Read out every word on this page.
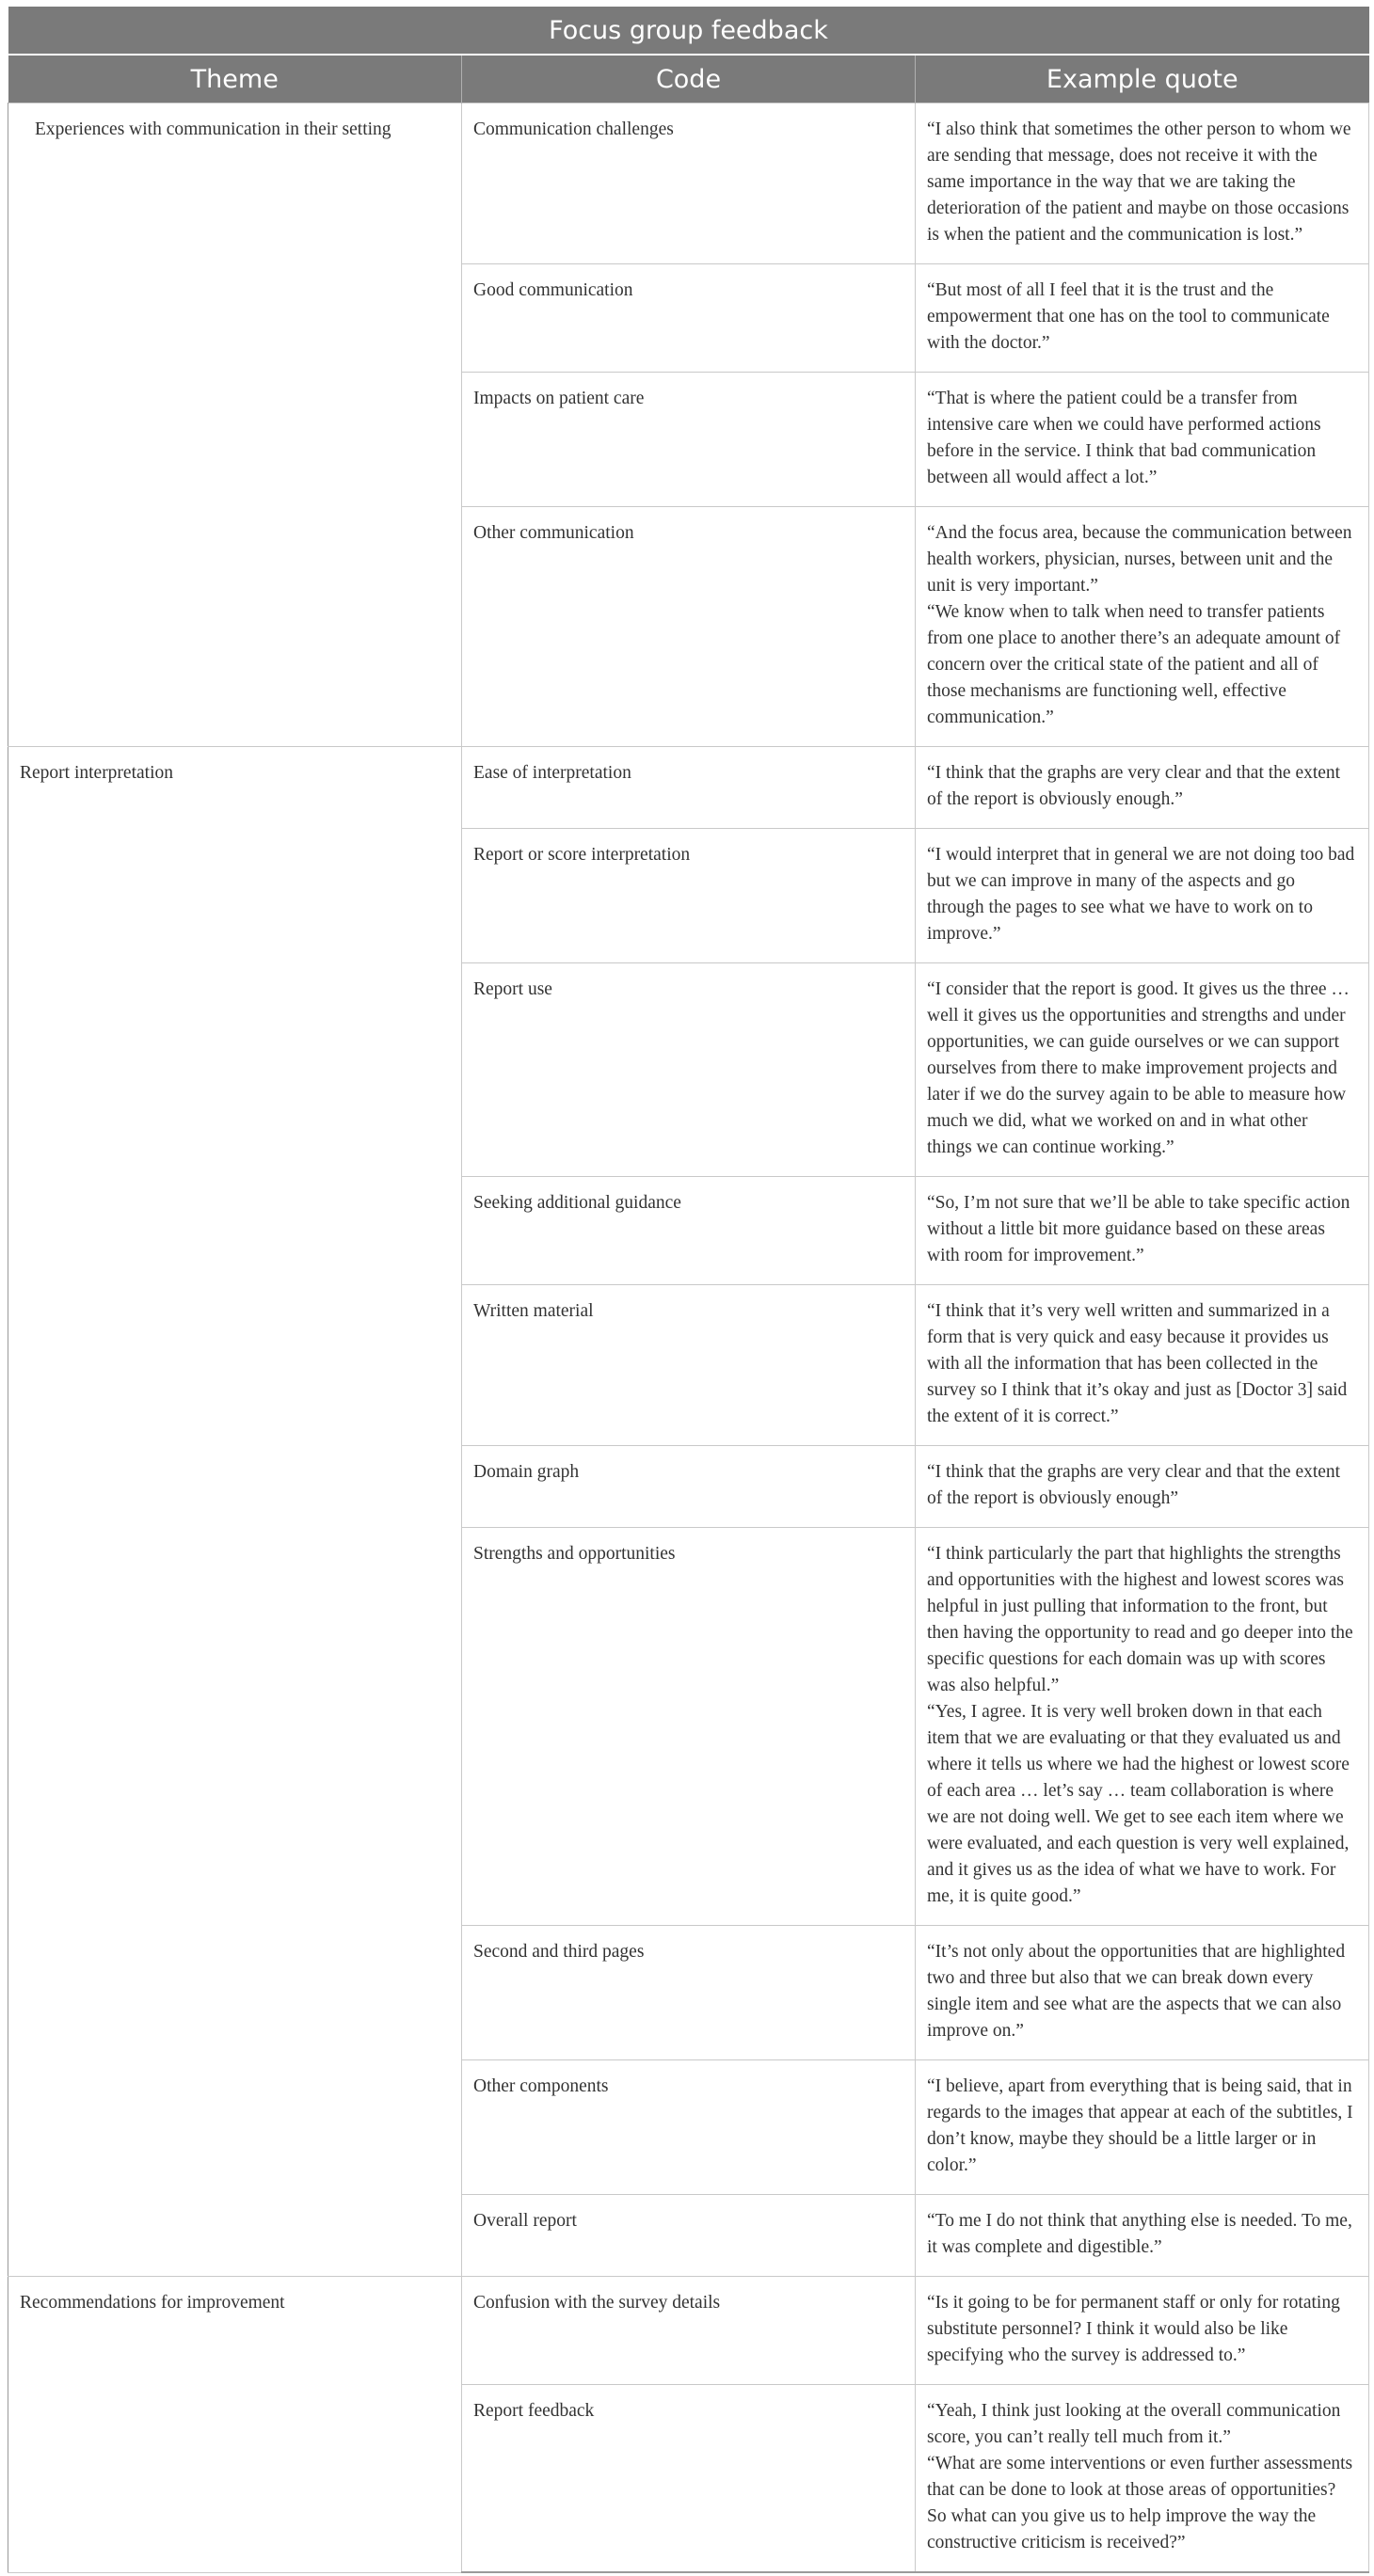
Focus group feedback		
Theme	Code	Example quote
Experiences with communication in their setting	Communication challenges	“I also think that sometimes the other person to whom we are sending that message, does not receive it with the same importance in the way that we are taking the deterioration of the patient and maybe on those occasions is when the patient and the communication is lost.”

	Good communication	“But most of all I feel that it is the trust and the empowerment that one has on the tool to communicate with the doctor.”

	Impacts on patient care	“That is where the patient could be a transfer from intensive care when we could have performed actions before in the service. I think that bad communication between all would affect a lot.”

	Other communication	“And the focus area, because the communication between health workers, physician, nurses, between unit and the unit is very important.”
“We know when to talk when need to transfer patients from one place to another there’s an adequate amount of concern over the critical state of the patient and all of those mechanisms are functioning well, effective communication.”

Report interpretation	Ease of interpretation	“I think that the graphs are very clear and that the extent of the report is obviously enough.”

	Report or score interpretation	“I would interpret that in general we are not doing too bad but we can improve in many of the aspects and go through the pages to see what we have to work on to improve.”

	Report use	“I consider that the report is good. It gives us the three … well it gives us the opportunities and strengths and under opportunities, we can guide ourselves or we can support ourselves from there to make improvement projects and later if we do the survey again to be able to measure how much we did, what we worked on and in what other things we can continue working.”

	Seeking additional guidance	“So, I’m not sure that we’ll be able to take specific action without a little bit more guidance based on these areas with room for improvement.”

	Written material	“I think that it’s very well written and summarized in a form that is very quick and easy because it provides us with all the information that has been collected in the survey so I think that it’s okay and just as [Doctor 3] said the extent of it is correct.”

	Domain graph	“I think that the graphs are very clear and that the extent of the report is obviously enough”

	Strengths and opportunities	“I think particularly the part that highlights the strengths and opportunities with the highest and lowest scores was helpful in just pulling that information to the front, but then having the opportunity to read and go deeper into the specific questions for each domain was up with scores was also helpful.”
“Yes, I agree. It is very well broken down in that each item that we are evaluating or that they evaluated us and where it tells us where we had the highest or lowest score of each area … let’s say … team collaboration is where we are not doing well. We get to see each item where we were evaluated, and each question is very well explained, and it gives us as the idea of what we have to work. For me, it is quite good.”

	Second and third pages	“It’s not only about the opportunities that are highlighted two and three but also that we can break down every single item and see what are the aspects that we can also improve on.”

	Other components	“I believe, apart from everything that is being said, that in regards to the images that appear at each of the subtitles, I don’t know, maybe they should be a little larger or in color.”

	Overall report	“To me I do not think that anything else is needed. To me, it was complete and digestible.”

Recommendations for improvement	Confusion with the survey details	“Is it going to be for permanent staff or only for rotating substitute personnel? I think it would also be like specifying who the survey is addressed to.”

	Report feedback	“Yeah, I think just looking at the overall communication score, you can’t really tell much from it.”
“What are some interventions or even further assessments that can be done to look at those areas of opportunities? So what can you give us to help improve the way the constructive criticism is received?”
